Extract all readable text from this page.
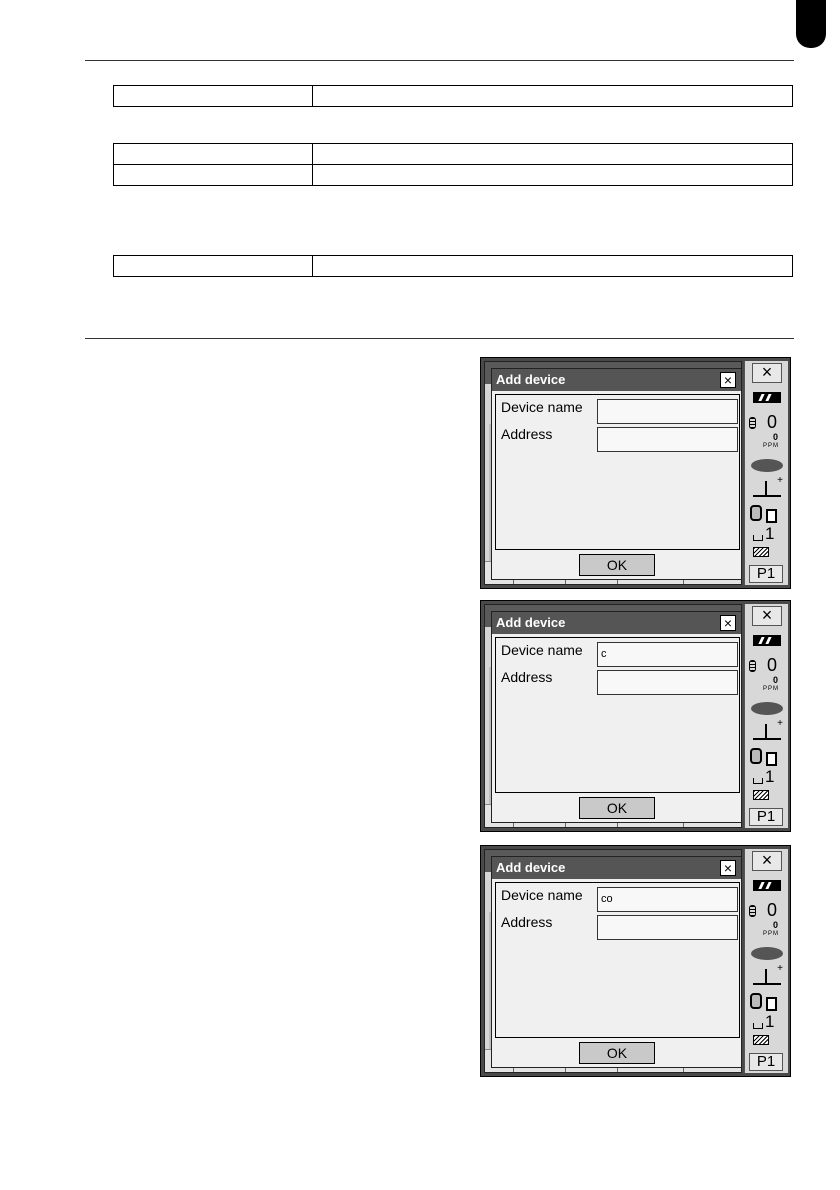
×
0
0
PPM
+
1
P1
Add device	×
Device name
Address
OK
×
0
0
PPM
+
1
P1
Add device	×
Device name	c
Address
OK
×
0
0
PPM
+
1
P1
Add device	×
Device name	co
Address
OK
